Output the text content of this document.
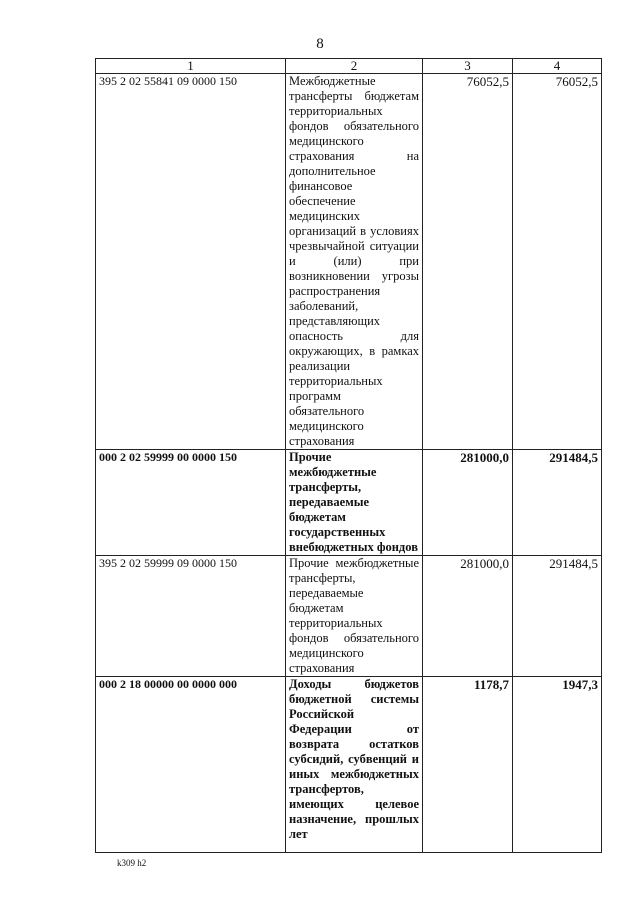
8
1	2	3	4
395 2 02 55841 09 0000 150	Межбюджетные трансферты бюджетам территориальных фондов обязательного медицинского страхования на дополнительное финансовое обеспечение медицинских организаций в условиях чрезвычайной ситуации и (или) при возникновении угрозы распространения заболеваний, представляющих опасность для окружающих, в рамках реализации территориальных программ обязательного медицинского страхования	76052,5	76052,5
000 2 02 59999 00 0000 150	Прочие межбюджетные трансферты, передаваемые бюджетам государственных внебюджетных фондов	281000,0	291484,5
395 2 02 59999 09 0000 150	Прочие межбюджетные трансферты, передаваемые бюджетам территориальных фондов обязательного медицинского страхования	281000,0	291484,5
000 2 18 00000 00 0000 000	Доходы бюджетов бюджетной системы Российской Федерации от возврата остатков субсидий, субвенций и иных межбюджетных трансфертов, имеющих целевое назначение, прошлых лет	1178,7	1947,3
k309 h2
